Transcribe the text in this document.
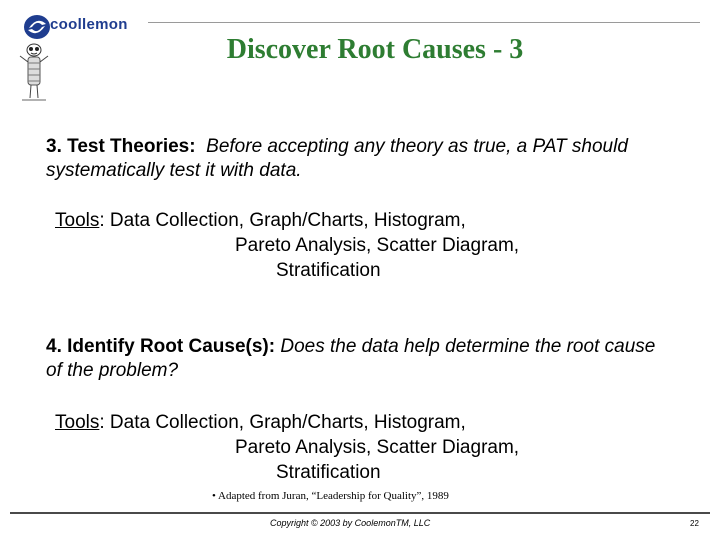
coollemon
Discover Root Causes - 3
3. Test Theories: Before accepting any theory as true, a PAT should systematically test it with data.
Tools: Data Collection, Graph/Charts, Histogram,
Pareto Analysis, Scatter Diagram,
Stratification
4. Identify Root Cause(s): Does the data help determine the root cause of the problem?
Tools: Data Collection, Graph/Charts, Histogram,
Pareto Analysis, Scatter Diagram,
Stratification
• Adapted from Juran, “Leadership for Quality”, 1989
Copyright © 2003 by CoolemonTM, LLC	22
